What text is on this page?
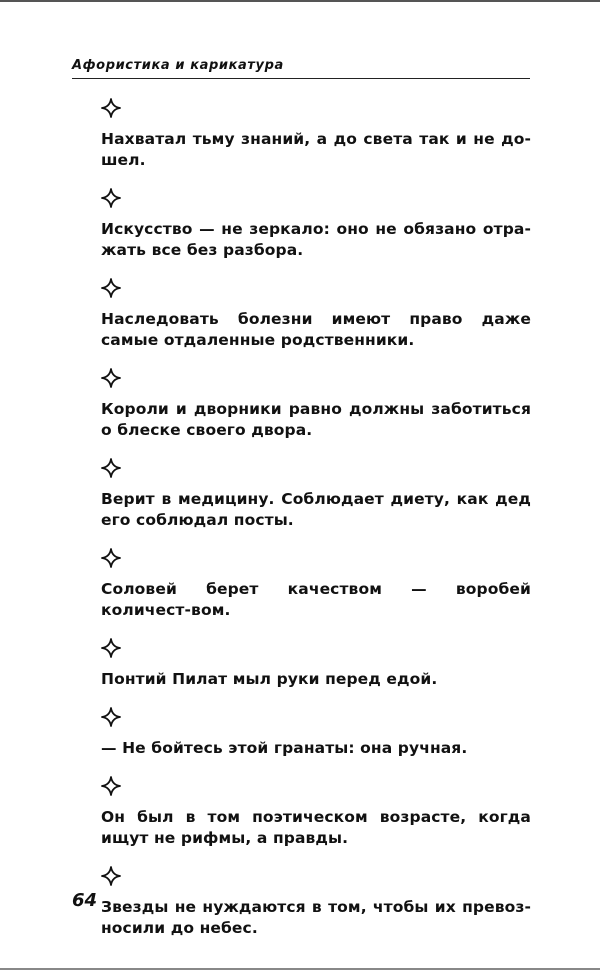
Афористика и карикатура

Нахватал тьму знаний, а до света так и не до-шел.

Искусство — не зеркало: оно не обязано отра-жать все без разбора.

Наследовать болезни имеют право даже самые отдаленные родственники.

Короли и дворники равно должны заботиться о блеске своего двора.

Верит в медицину. Соблюдает диету, как дед его соблюдал посты.

Соловей берет качеством — воробей количест-вом.

Понтий Пилат мыл руки перед едой.

— Не бойтесь этой гранаты: она ручная.

Он был в том поэтическом возрасте, когда ищут не рифмы, а правды.

Звезды не нуждаются в том, чтобы их превоз-носили до небес.

64
